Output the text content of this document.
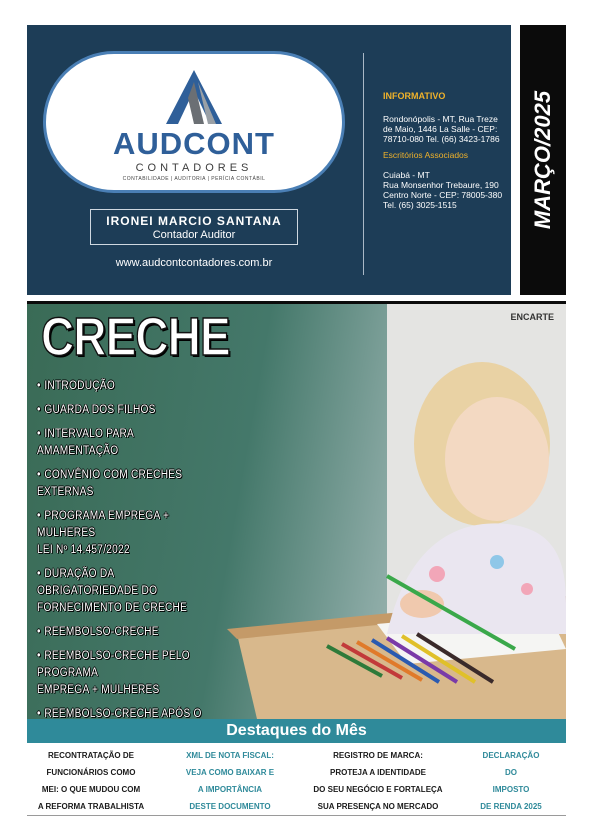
AUDCONT
CONTADORES
CONTABILIDADE | AUDITORIA | PERÍCIA CONTÁBIL
IRONEI MARCIO SANTANA
Contador Auditor
www.audcontcontadores.com.br
INFORMATIVO

Rondonópolis - MT, Rua Treze de Maio, 1446 La Salle - CEP: 78710-080 Tel. (66) 3423-1786

Escritórios Associados

Cuiabá - MT

Rua Monsenhor Trebaure, 190 Centro Norte - CEP: 78005-380

Tel. (65) 3025-1515	MARÇO/2025
ENCARTE
CRECHE
• INTRODUÇÃO
• GUARDA DOS FILHOS
• INTERVALO PARA AMAMENTAÇÃO
• CONVÊNIO COM CRECHES EXTERNAS
• PROGRAMA EMPREGA + MULHERES
LEI Nº 14.457/2022
• DURAÇÃO DA OBRIGATORIEDADE DO
FORNECIMENTO DE CRECHE
• REEMBOLSO-CRECHE
• REEMBOLSO-CRECHE PELO PROGRAMA
EMPREGA + MULHERES
• REEMBOLSO-CRECHE APÓS O

Destaques do Mês
RECONTRATAÇÃO DE
FUNCIONÁRIOS COMO
MEI: O QUE MUDOU COM
A REFORMA TRABALHISTA
XML DE NOTA FISCAL:
VEJA COMO BAIXAR E
A IMPORTÂNCIA
DESTE DOCUMENTO
REGISTRO DE MARCA:
PROTEJA A IDENTIDADE
DO SEU NEGÓCIO E FORTALEÇA
SUA PRESENÇA NO MERCADO
DECLARAÇÃO
DO
IMPOSTO
DE RENDA 2025
